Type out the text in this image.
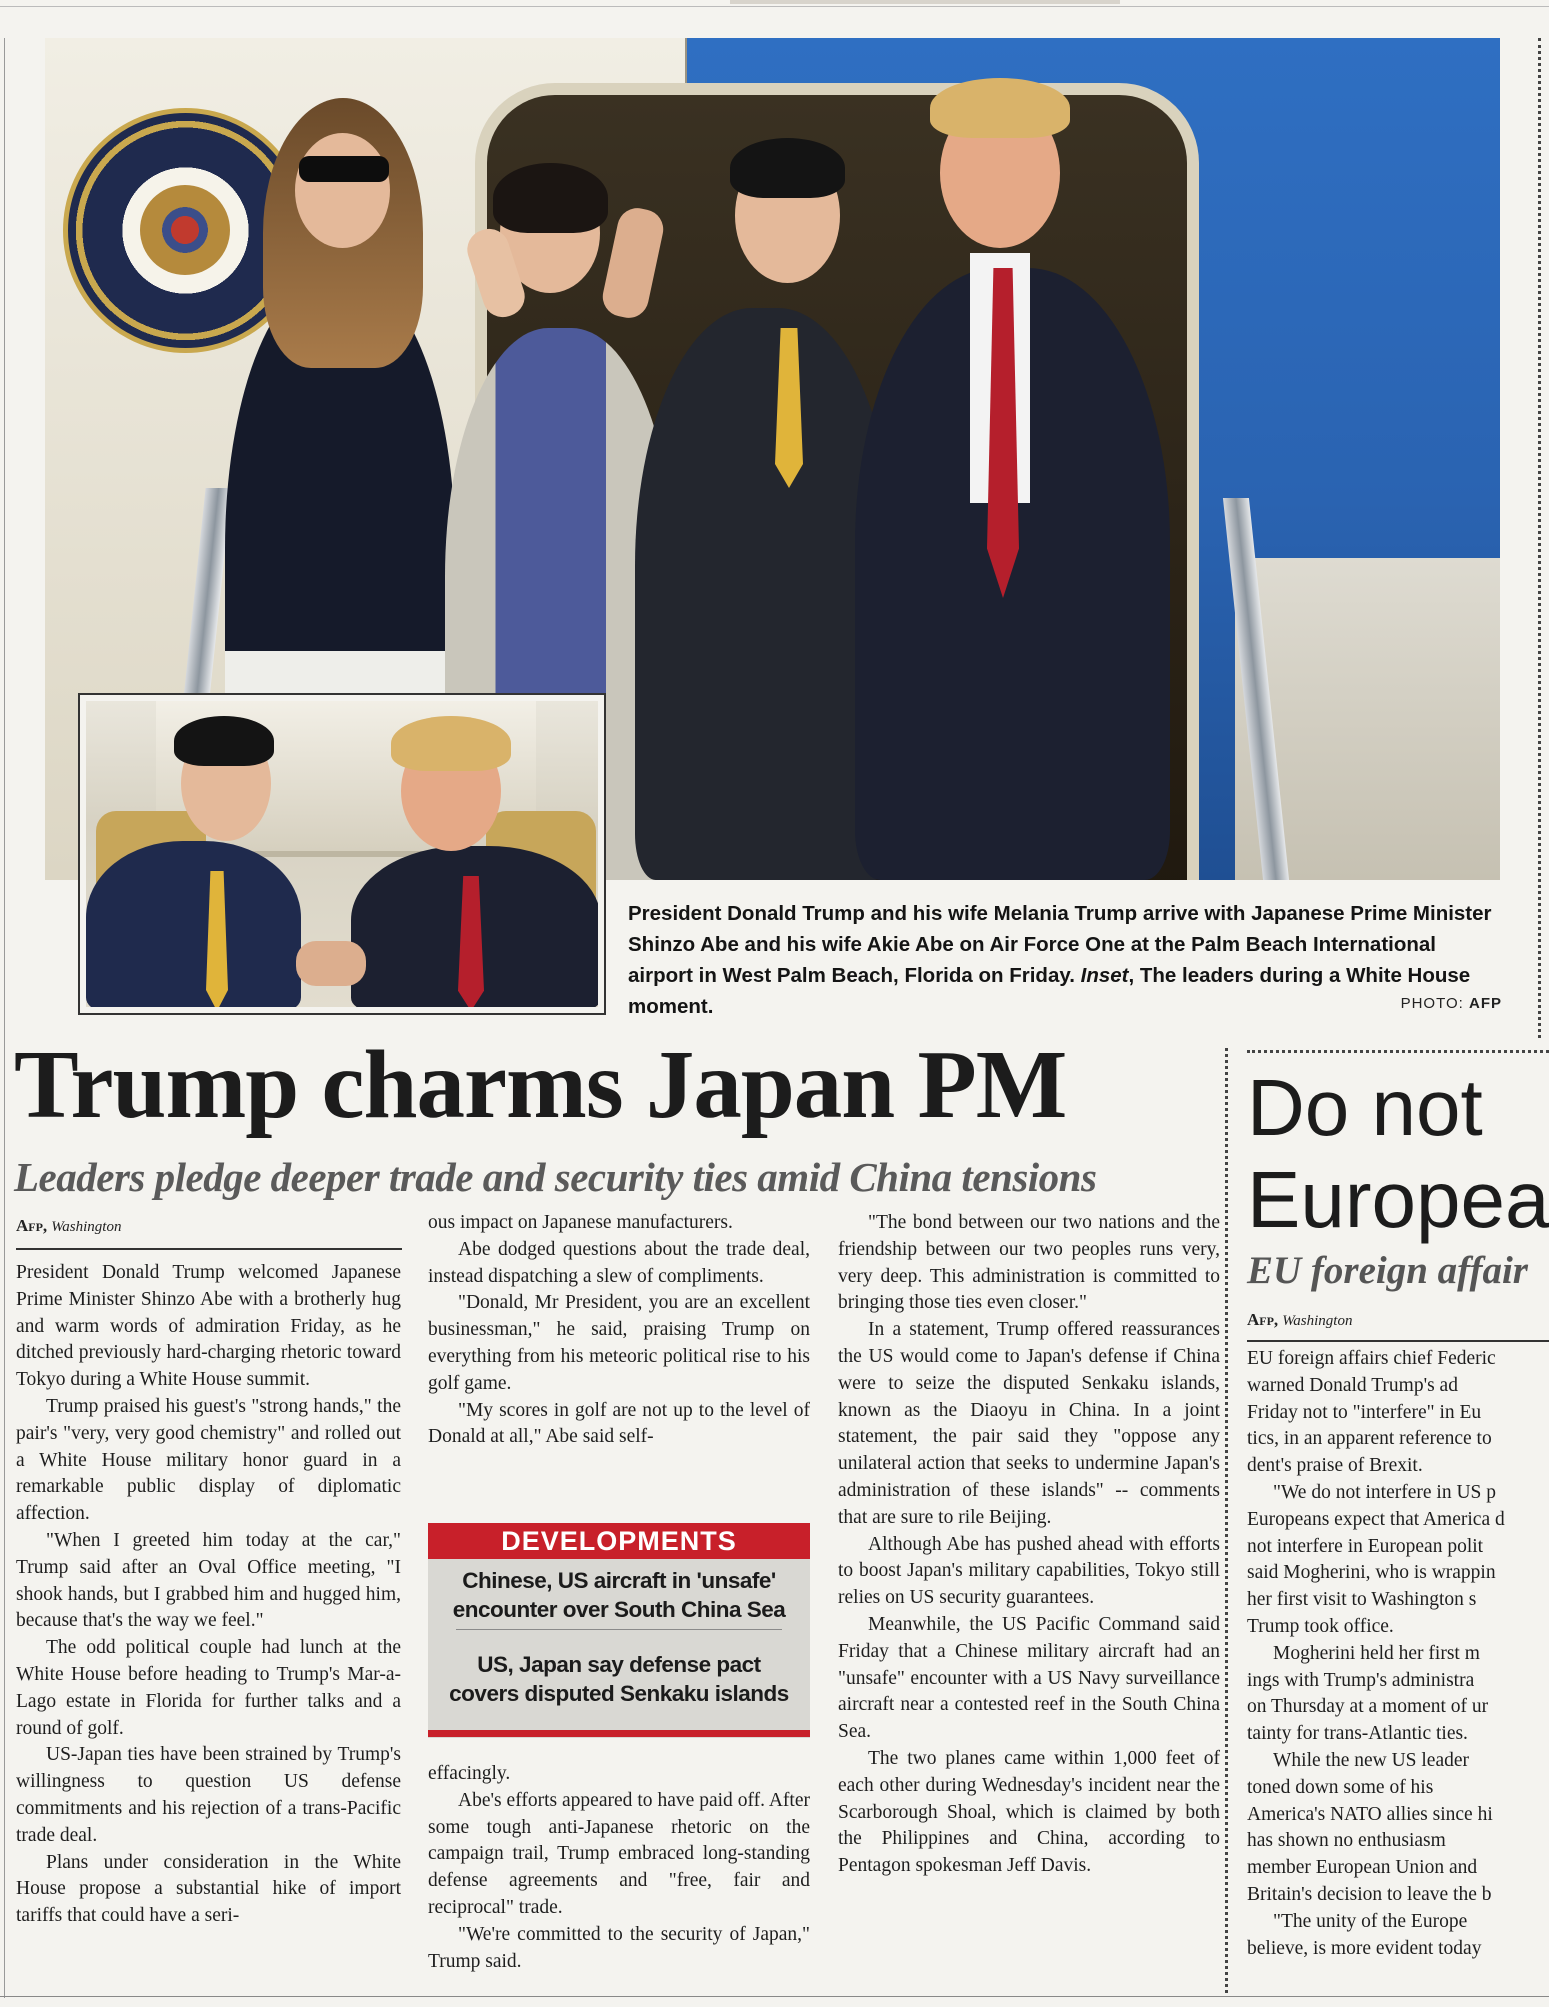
President Donald Trump and his wife Melania Trump arrive with Japanese Prime Minister Shinzo Abe and his wife Akie Abe on Air Force One at the Palm Beach International airport in West Palm Beach, Florida on Friday. Inset, The leaders during a White House moment.	PHOTO: AFP
Trump charms Japan PM
Leaders pledge deeper trade and security ties amid China tensions
Afp, Washington

President Donald Trump welcomed Japanese Prime Minister Shinzo Abe with a brotherly hug and warm words of admiration Friday, as he ditched previously hard-charging rhetoric toward Tokyo during a White House summit.

Trump praised his guest's "strong hands," the pair's "very, very good chemistry" and rolled out a White House military honor guard in a remarkable public display of diplomatic affection.

"When I greeted him today at the car," Trump said after an Oval Office meeting, "I shook hands, but I grabbed him and hugged him, because that's the way we feel."

The odd political couple had lunch at the White House before heading to Trump's Mar-a-Lago estate in Florida for further talks and a round of golf.

US-Japan ties have been strained by Trump's willingness to question US defense commitments and his rejection of a trans-Pacific trade deal.

Plans under consideration in the White House propose a substantial hike of import tariffs that could have a seri-

ous impact on Japanese manufacturers.

Abe dodged questions about the trade deal, instead dispatching a slew of compliments.

"Donald, Mr President, you are an excellent businessman," he said, praising Trump on everything from his meteoric political rise to his golf game.

"My scores in golf are not up to the level of Donald at all," Abe said self-

DEVELOPMENTS
Chinese, US aircraft in 'unsafe'
encounter over South China Sea
US, Japan say defense pact
covers disputed Senkaku islands

effacingly.

Abe's efforts appeared to have paid off. After some tough anti-Japanese rhetoric on the campaign trail, Trump embraced long-standing defense agreements and "free, fair and reciprocal" trade.

"We're committed to the security of Japan," Trump said.

"The bond between our two nations and the friendship between our two peoples runs very, very deep. This administration is committed to bringing those ties even closer."

In a statement, Trump offered reassurances the US would come to Japan's defense if China were to seize the disputed Senkaku islands, known as the Diaoyu in China. In a joint statement, the pair said they "oppose any unilateral action that seeks to undermine Japan's administration of these islands" -- comments that are sure to rile Beijing.

Although Abe has pushed ahead with efforts to boost Japan's military capabilities, Tokyo still relies on US security guarantees.

Meanwhile, the US Pacific Command said Friday that a Chinese military aircraft had an "unsafe" encounter with a US Navy surveillance aircraft near a contested reef in the South China Sea.

The two planes came within 1,000 feet of each other during Wednesday's incident near the Scarborough Shoal, which is claimed by both the Philippines and China, according to Pentagon spokesman Jeff Davis.

Do not
Europea
EU foreign affair
Afp, Washington
EU foreign affairs chief Federic
warned Donald Trump's ad
Friday not to "interfere" in Eu
tics, in an apparent reference to
dent's praise of Brexit.
"We do not interfere in US p
Europeans expect that America d
not interfere in European polit
said Mogherini, who is wrappin
her first visit to Washington s
Trump took office.
Mogherini held her first m
ings with Trump's administra
on Thursday at a moment of ur
tainty for trans-Atlantic ties.
While the new US leader
toned down some of his
America's NATO allies since hi
has shown no enthusiasm
member European Union and
Britain's decision to leave the b
"The unity of the Europe
believe, is more evident today
